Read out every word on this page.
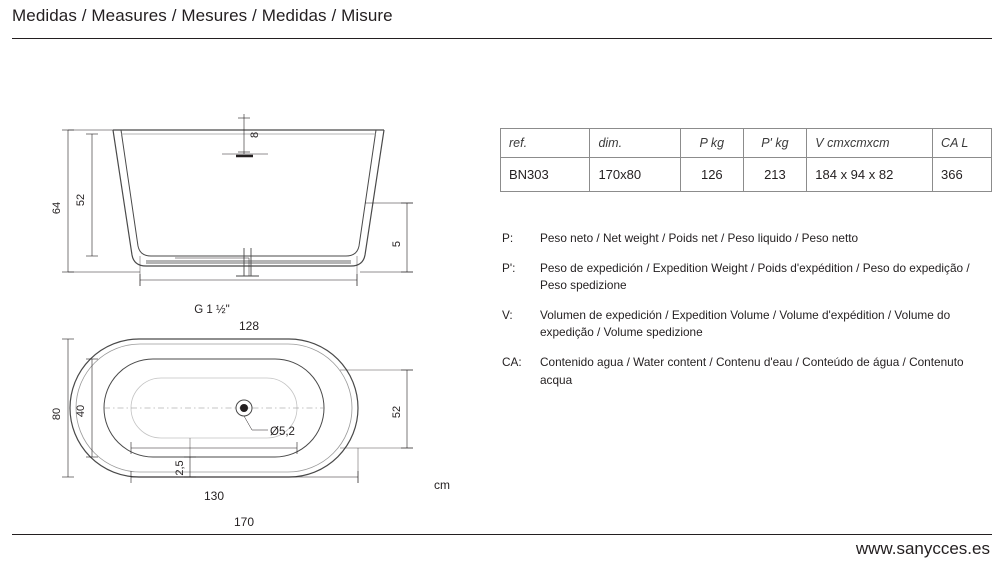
Medidas / Measures / Mesures / Medidas / Misure
8
64
52
5
G 1 ½"
128
80 40	52
2,5
130
170
Ø5,2
cm
ref.	dim.	P kg	P' kg	V cmxcmxcm	CA L
BN303	170x80	126	213	184 x 94 x 82	366
P:	Peso neto / Net weight / Poids net / Peso liquido / Peso netto
P':	Peso de expedición / Expedition Weight / Poids d'expédition / Peso do expedição / Peso spedizione
V:	Volumen de expedición / Expedition Volume / Volume d'expédition / Volume do expedição / Volume spedizione
CA:	Contenido agua / Water content / Contenu d'eau / Conteúdo de água / Contenuto acqua
www.sanycces.es
